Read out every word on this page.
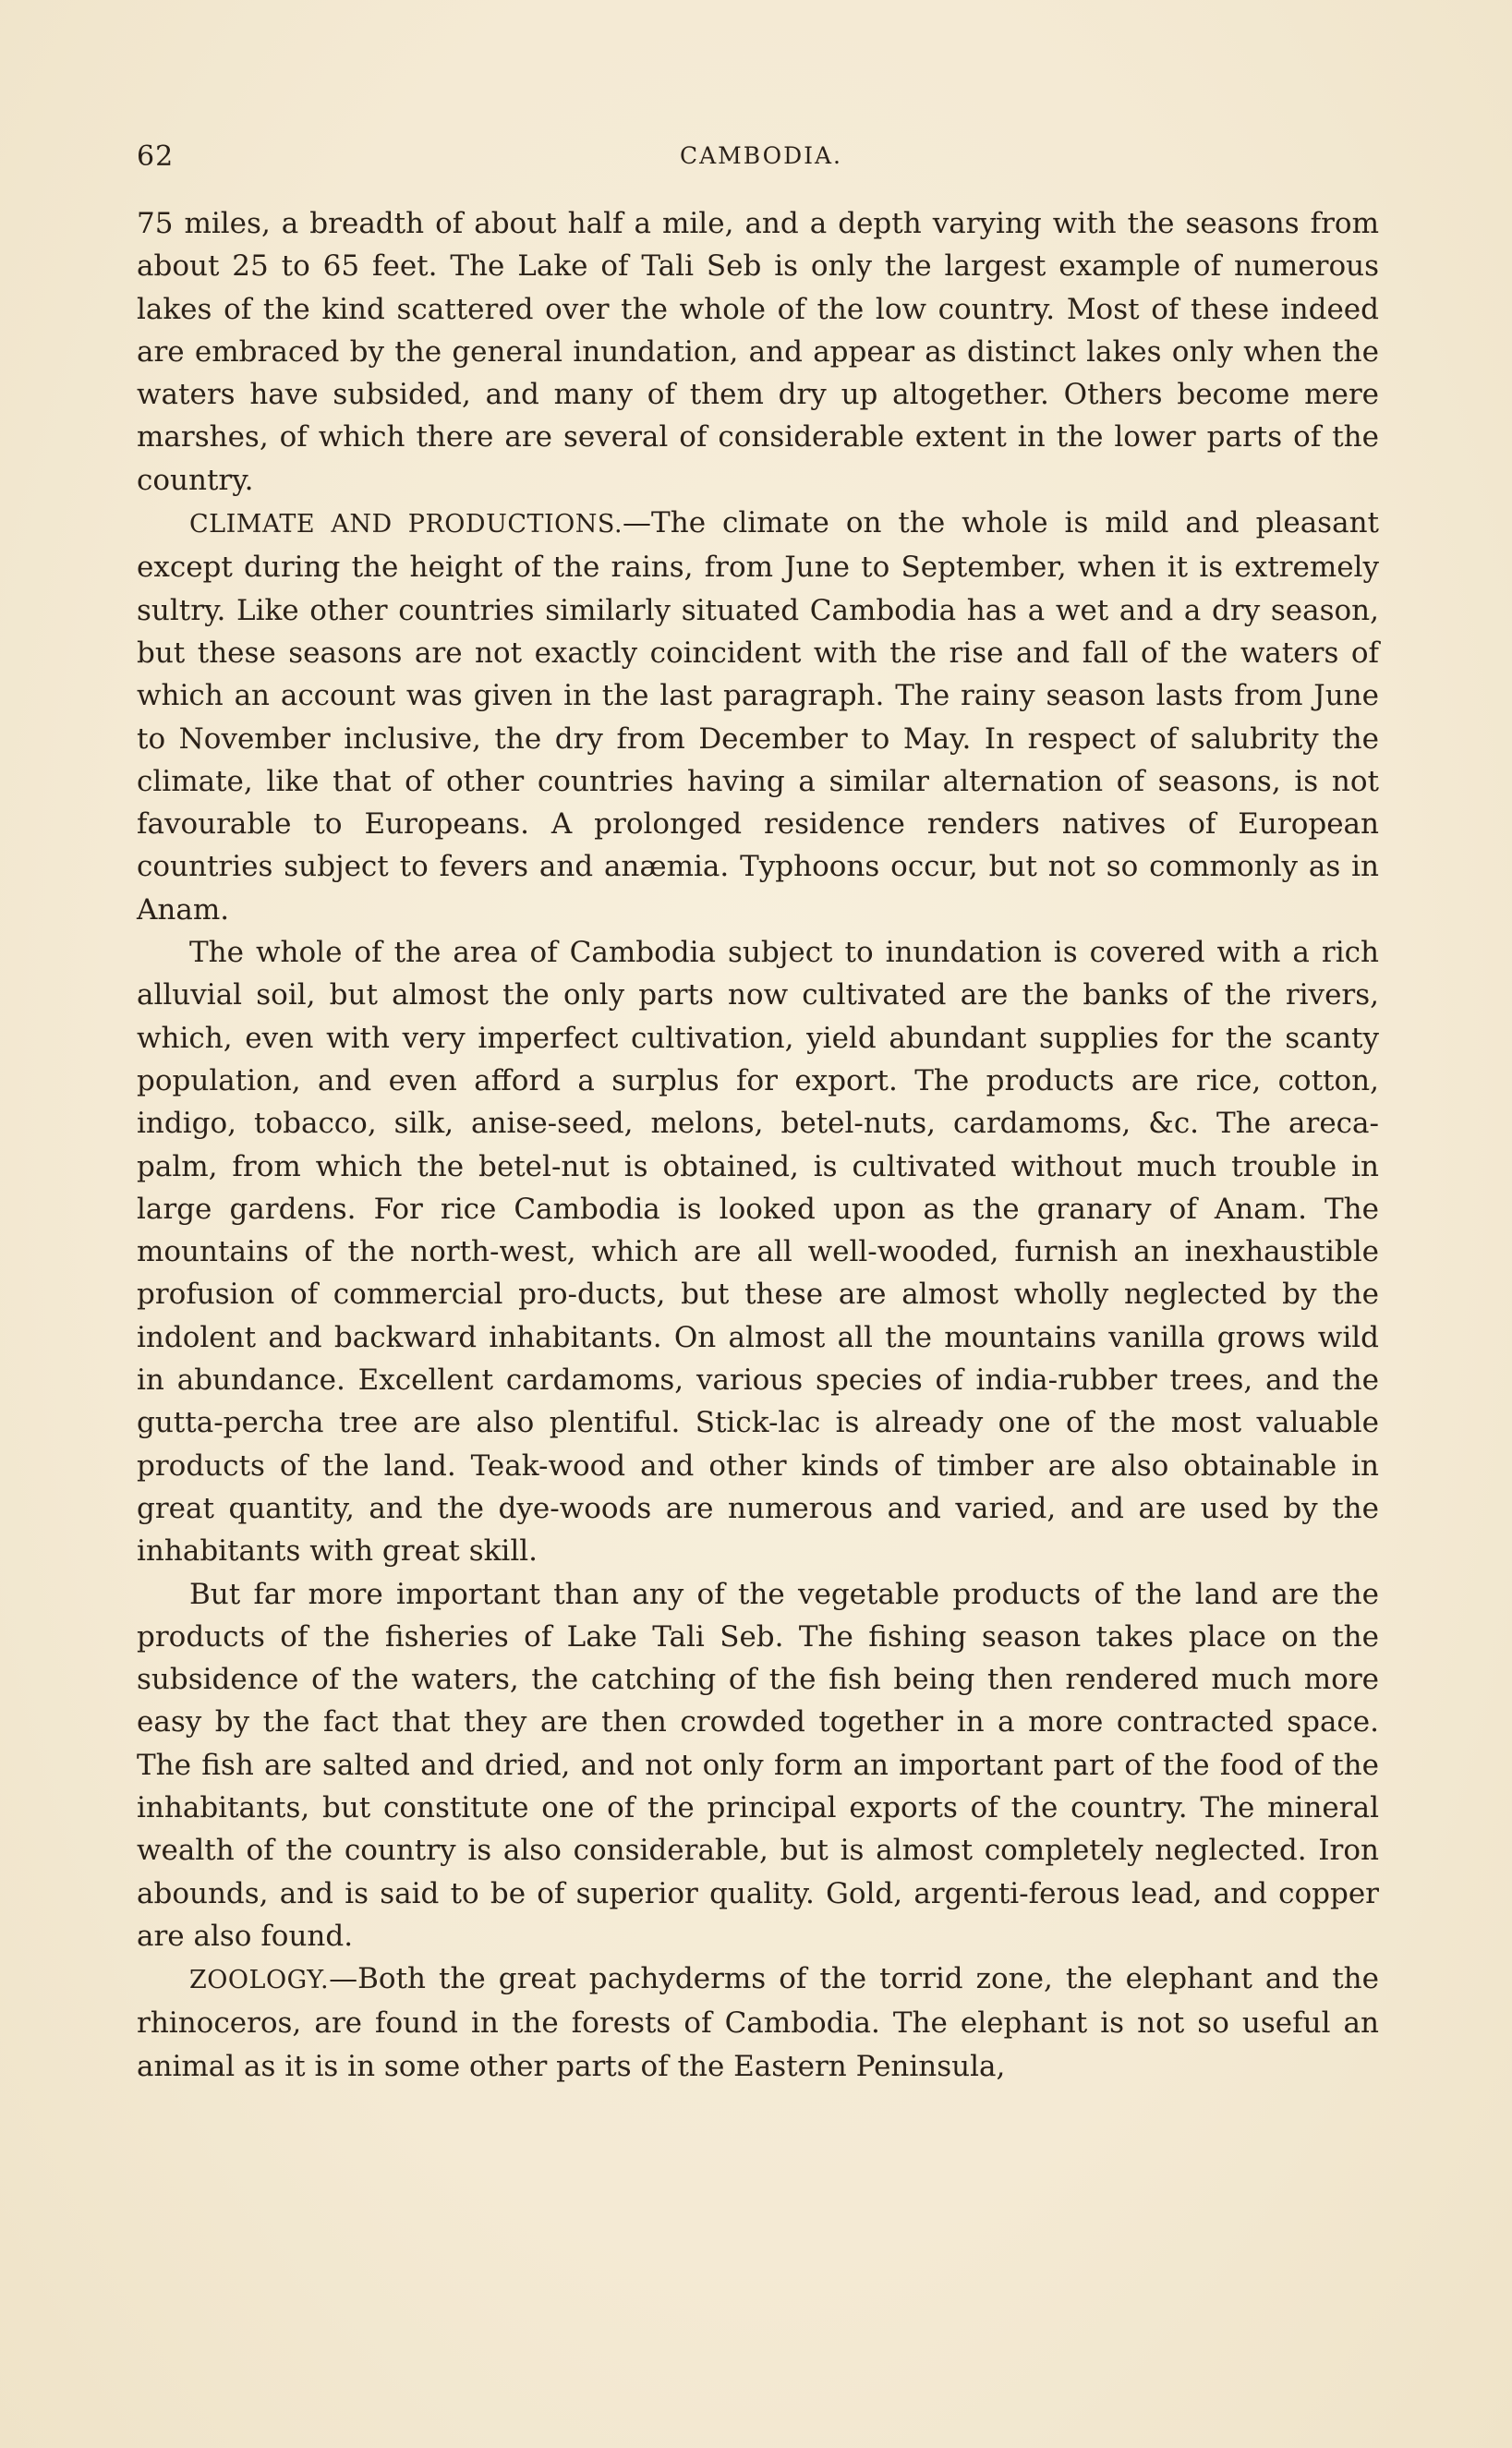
62	CAMBODIA.

75 miles, a breadth of about half a mile, and a depth varying with the seasons from about 25 to 65 feet. The Lake of Tali Seb is only the largest example of numerous lakes of the kind scattered over the whole of the low country. Most of these indeed are embraced by the general inundation, and appear as distinct lakes only when the waters have subsided, and many of them dry up altogether. Others become mere marshes, of which there are several of considerable extent in the lower parts of the country.

CLIMATE AND PRODUCTIONS.—The climate on the whole is mild and pleasant except during the height of the rains, from June to September, when it is extremely sultry. Like other countries similarly situated Cambodia has a wet and a dry season, but these seasons are not exactly coincident with the rise and fall of the waters of which an account was given in the last paragraph. The rainy season lasts from June to November inclusive, the dry from December to May. In respect of salubrity the climate, like that of other countries having a similar alternation of seasons, is not favourable to Europeans. A prolonged residence renders natives of European countries subject to fevers and anæmia. Typhoons occur, but not so commonly as in Anam.

The whole of the area of Cambodia subject to inundation is covered with a rich alluvial soil, but almost the only parts now cultivated are the banks of the rivers, which, even with very imperfect cultivation, yield abundant supplies for the scanty population, and even afford a surplus for export. The products are rice, cotton, indigo, tobacco, silk, anise-seed, melons, betel-nuts, cardamoms, &c. The areca-palm, from which the betel-nut is obtained, is cultivated without much trouble in large gardens. For rice Cambodia is looked upon as the granary of Anam. The mountains of the north-west, which are all well-wooded, furnish an inexhaustible profusion of commercial pro-ducts, but these are almost wholly neglected by the indolent and backward inhabitants. On almost all the mountains vanilla grows wild in abundance. Excellent cardamoms, various species of india-rubber trees, and the gutta-percha tree are also plentiful. Stick-lac is already one of the most valuable products of the land. Teak-wood and other kinds of timber are also obtainable in great quantity, and the dye-woods are numerous and varied, and are used by the inhabitants with great skill.

But far more important than any of the vegetable products of the land are the products of the fisheries of Lake Tali Seb. The fishing season takes place on the subsidence of the waters, the catching of the fish being then rendered much more easy by the fact that they are then crowded together in a more contracted space. The fish are salted and dried, and not only form an important part of the food of the inhabitants, but constitute one of the principal exports of the country. The mineral wealth of the country is also considerable, but is almost completely neglected. Iron abounds, and is said to be of superior quality. Gold, argenti-ferous lead, and copper are also found.

ZOOLOGY.—Both the great pachyderms of the torrid zone, the elephant and the rhinoceros, are found in the forests of Cambodia. The elephant is not so useful an animal as it is in some other parts of the Eastern Peninsula,
